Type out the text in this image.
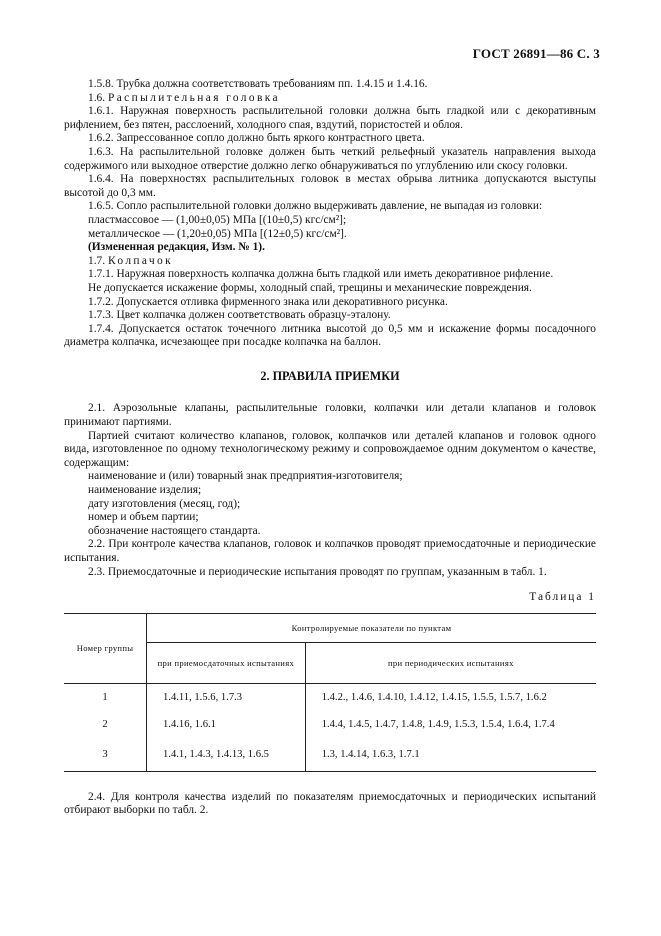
ГОСТ 26891—86 С. 3

1.5.8. Трубка должна соответствовать требованиям пп. 1.4.15 и 1.4.16.

1.6. Распылительная головка

1.6.1. Наружная поверхность распылительной головки должна быть гладкой или с декоративным рифлением, без пятен, расслоений, холодного спая, вздутий, пористостей и облоя.

1.6.2. Запрессованное сопло должно быть яркого контрастного цвета.

1.6.3. На распылительной головке должен быть четкий рельефный указатель направления выхода содержимого или выходное отверстие должно легко обнаруживаться по углублению или скосу головки.

1.6.4. На поверхностях распылительных головок в местах обрыва литника допускаются выступы высотой до 0,3 мм.

1.6.5. Сопло распылительной головки должно выдерживать давление, не выпадая из головки:

пластмассовое — (1,00±0,05) МПа [(10±0,5) кгс/см²];

металлическое — (1,20±0,05) МПа [(12±0,5) кгс/см²].

(Измененная редакция, Изм. № 1).

1.7. Колпачок

1.7.1. Наружная поверхность колпачка должна быть гладкой или иметь декоративное рифление.

Не допускается искажение формы, холодный спай, трещины и механические повреждения.

1.7.2. Допускается отливка фирменного знака или декоративного рисунка.

1.7.3. Цвет колпачка должен соответствовать образцу-эталону.

1.7.4. Допускается остаток точечного литника высотой до 0,5 мм и искажение формы посадочного диаметра колпачка, исчезающее при посадке колпачка на баллон.

2. ПРАВИЛА ПРИЕМКИ

2.1. Аэрозольные клапаны, распылительные головки, колпачки или детали клапанов и головок принимают партиями.

Партией считают количество клапанов, головок, колпачков или деталей клапанов и головок одного вида, изготовленное по одному технологическому режиму и сопровождаемое одним документом о качестве, содержащим:

наименование и (или) товарный знак предприятия-изготовителя;

наименование изделия;

дату изготовления (месяц, год);

номер и объем партии;

обозначение настоящего стандарта.

2.2. При контроле качества клапанов, головок и колпачков проводят приемосдаточные и периодические испытания.

2.3. Приемосдаточные и периодические испытания проводят по группам, указанным в табл. 1.

Таблица 1

Номер группы	Контролируемые показатели по пунктам	
	при приемосдаточных испытаниях	при периодических испытаниях
1	1.4.11, 1.5.6, 1.7.3	1.4.2., 1.4.6, 1.4.10, 1.4.12, 1.4.15, 1.5.5, 1.5.7, 1.6.2
2	1.4.16, 1.6.1	1.4.4, 1.4.5, 1.4.7, 1.4.8, 1.4.9, 1.5.3, 1.5.4, 1.6.4, 1.7.4
3	1.4.1, 1.4.3, 1.4.13, 1.6.5	1.3, 1.4.14, 1.6.3, 1.7.1

2.4. Для контроля качества изделий по показателям приемосдаточных и периодических испытаний отбирают выборки по табл. 2.
